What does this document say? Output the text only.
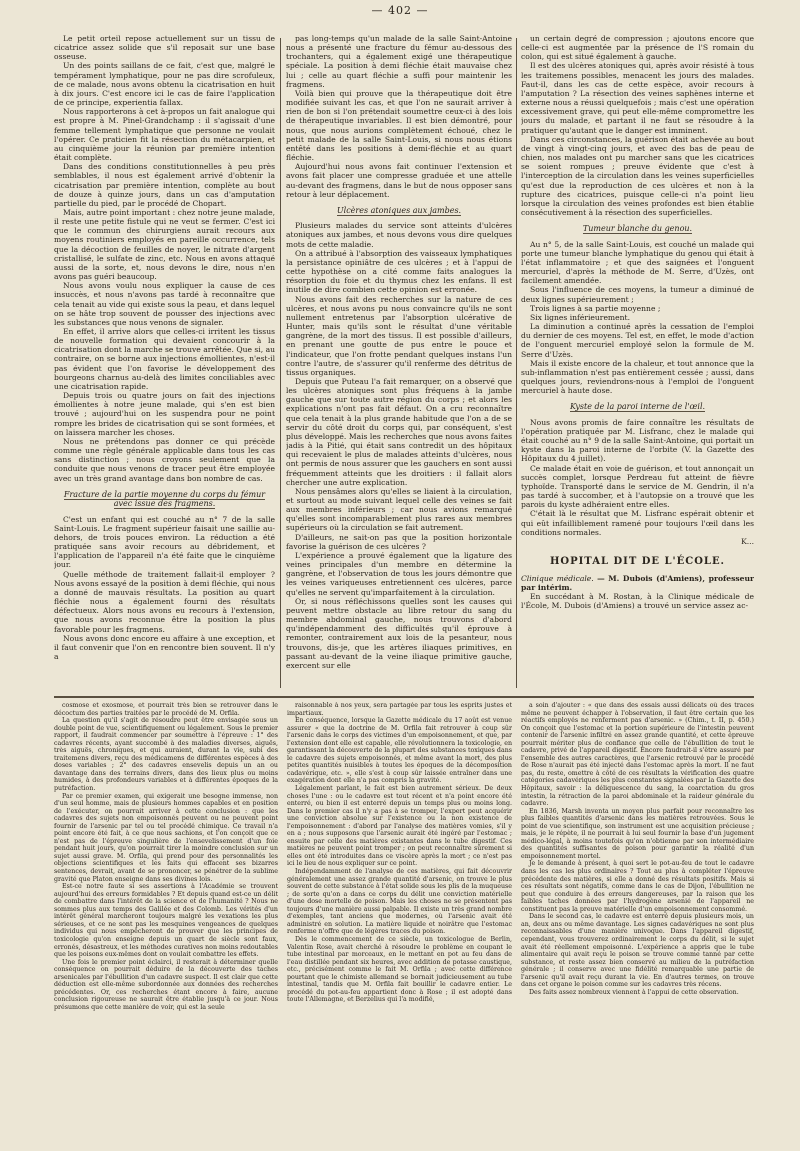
— 402 —

Le petit orteil repose actuellement sur un tissu de cicatrice assez solide que s'il reposait sur une base osseuse.

Un des points saillans de ce fait, c'est que, malgré le tempérament lymphatique, pour ne pas dire scrofuleux, de ce malade, nous avons obtenu la cicatrisation en huit à dix jours. C'est encore ici le cas de faire l'application de ce principe, experientia fallax.

Nous rapporterons à cet à-propos un fait analogue qui est propre à M. Pinel-Grandchamp : il s'agissait d'une femme tellement lymphatique que personne ne voulait l'opérer. Ce praticien fit la résection du métacarpien, et au cinquième jour la réunion par première intention était complète.

Dans des conditions constitutionnelles à peu près semblables, il nous est également arrivé d'obtenir la cicatrisation par première intention, complète au bout de douze à quinze jours, dans un cas d'amputation partielle du pied, par le procédé de Chopart.

Mais, autre point important : chez notre jeune malade, il reste une petite fistule qui ne veut se fermer. C'est ici que le commun des chirurgiens aurait recours aux moyens routiniers employés en pareille occurrence, tels que la décoction de feuilles de noyer, le nitrate d'argent cristallisé, le sulfate de zinc, etc. Nous en avons attaqué aussi de la sorte, et, nous devons le dire, nous n'en avons pas guéri beaucoup.

Nous avons voulu nous expliquer la cause de ces insuccès, et nous n'avons pas tardé à reconnaître que cela tenait au vide qui existe sous la peau, et dans lequel on se hâte trop souvent de pousser des injections avec les substances que nous venons de signaler.

En effet, il arrive alors que celles-ci irritent les tissus de nouvelle formation qui devaient concourir à la cicatrisation dont la marche se trouve arrêtée. Que si, au contraire, on se borne aux injections émollientes, n'est-il pas évident que l'on favorise le développement des bourgeons charnus au-delà des limites conciliables avec une cicatrisation rapide.

Depuis trois ou quatre jours on fait des injections émollientes à notre jeune malade, qui s'en est bien trouvé ; aujourd'hui on les suspendra pour ne point rompre les brides de cicatrisation qui se sont formées, et on laissera marcher les choses.

Nous ne prétendons pas donner ce qui précède comme une règle générale applicable dans tous les cas sans distinction ; nous croyons seulement que la conduite que nous venons de tracer peut être employée avec un très grand avantage dans bon nombre de cas.

Fracture de la partie moyenne du corps du fémur avec issue des fragmens.

C'est un enfant qui est couché au n° 7 de la salle Saint-Louis. Le fragment supérieur faisait une saillie au-dehors, de trois pouces environ. La réduction a été pratiquée sans avoir recours au débridement, et l'application de l'appareil n'a été faite que le cinquième jour.

Quelle méthode de traitement fallait-il employer ? Nous avons essayé de la position à demi fléchie, qui nous a donné de mauvais résultats. La position au quart fléchie nous a également fourni des résultats défectueux. Alors nous avons eu recours à l'extension, que nous avons reconnue être la position la plus favorable pour les fragmens.

Nous avons donc encore eu affaire à une exception, et il faut convenir que l'on en rencontre bien souvent. Il n'y a

pas long-temps qu'un malade de la salle Saint-Antoine nous a présenté une fracture du fémur au-dessous des trochanters, qui a également exigé une thérapeutique spéciale. La position à demi fléchie était mauvaise chez lui ; celle au quart fléchie a suffi pour maintenir les fragmens.

Voilà bien qui prouve que la thérapeutique doit être modifiée suivant les cas, et que l'on ne saurait arriver à rien de bon si l'on prétendait soumettre ceux-ci à des lois de thérapeutique invariables. Il est bien démontré, pour nous, que nous aurions complètement échoué, chez le petit malade de la salle Saint-Louis, si nous nous étions entêté dans les positions à demi-fléchie et au quart fléchie.

Aujourd'hui nous avons fait continuer l'extension et avons fait placer une compresse graduée et une attelle au-devant des fragmens, dans le but de nous opposer sans retour à leur déplacement.

Ulcères atoniques aux jambes.

Plusieurs malades du service sont atteints d'ulcères atoniques aux jambes, et nous devons vous dire quelques mots de cette maladie.

On a attribué à l'absorption des vaisseaux lymphatiques la persistance opiniâtre de ces ulcères ; et à l'appui de cette hypothèse on a cité comme faits analogues la résorption du foie et du thymus chez les enfans. Il est inutile de dire combien cette opinion est erronée.

Nous avons fait des recherches sur la nature de ces ulcères, et nous avons pu nous convaincre qu'ils ne sont nullement entretenus par l'absorption ulcérative de Hunter, mais qu'ils sont le résultat d'une véritable gangrène, de la mort des tissus. Il est possible d'ailleurs, en prenant une goutte de pus entre le pouce et l'indicateur, que l'on frotte pendant quelques instans l'un contre l'autre, de s'assurer qu'il renferme des détritus de tissus organiques.

Depuis que Puteau l'a fait remarquer, on a observé que les ulcères atoniques sont plus fréquens à la jambe gauche que sur toute autre région du corps ; et alors les explications n'ont pas fait défaut. On a cru reconnaître que cela tenait à la plus grande habitude que l'on a de se servir du côté droit du corps qui, par conséquent, s'est plus développé. Mais les recherches que nous avons faites jadis à la Pitié, qui était sans contredit un des hôpitaux qui recevaient le plus de malades atteints d'ulcères, nous ont permis de nous assurer que les gauchers en sont aussi fréquemment atteints que les droitiers : il fallait alors chercher une autre explication.

Nous pensâmes alors qu'elles se liaient à la circulation, et surtout au mode suivant lequel celle des veines se fait aux membres inférieurs ; car nous avions remarqué qu'elles sont incomparablement plus rares aux membres supérieurs où la circulation se fait autrement.

D'ailleurs, ne sait-on pas que la position horizontale favorise la guérison de ces ulcères ?

L'expérience a prouvé également que la ligature des veines principales d'un membre en détermine la gangrène, et l'observation de tous les jours démontre que les veines variqueuses entretiennent ces ulcères, parce qu'elles ne servent qu'imparfaitement à la circulation.

Or, si nous réfléchissons quelles sont les causes qui peuvent mettre obstacle au libre retour du sang du membre abdominal gauche, nous trouvons d'abord qu'indépendamment des difficultés qu'il éprouve à remonter, contrairement aux lois de la pesanteur, nous trouvons, dis-je, que les artères iliaques primitives, en passant au-devant de la veine iliaque primitive gauche, exercent sur elle

un certain degré de compression ; ajoutons encore que celle-ci est augmentée par la présence de l'S romain du colon, qui est situé également à gauche.

Il est des ulcères atoniques qui, après avoir résisté à tous les traitemens possibles, menacent les jours des malades. Faut-il, dans les cas de cette espèce, avoir recours à l'amputation ? La résection des veines saphènes interne et externe nous a réussi quelquefois ; mais c'est une opération excessivement grave, qui peut elle-même compromettre les jours du malade, et partant il ne faut se résoudre à la pratiquer qu'autant que le danger est imminent.

Dans ces circonstances, la guérison était achevée au bout de vingt à vingt-cinq jours, et avec des bas de peau de chien, nos malades ont pu marcher sans que les cicatrices se soient rompues ; preuve évidente que c'est à l'interception de la circulation dans les veines superficielles qu'est due la reproduction de ces ulcères et non à la rupture des cicatrices, puisque celle-ci n'a point lieu lorsque la circulation des veines profondes est bien établie consécutivement à la résection des superficielles.

Tumeur blanche du genou.

Au n° 5, de la salle Saint-Louis, est couché un malade qui porte une tumeur blanche lymphatique du genou qui était à l'état inflammatoire ; et que des saignées et l'onguent mercuriel, d'après la méthode de M. Serre, d'Uzès, ont facilement amendée.

Sous l'influence de ces moyens, la tumeur a diminué de deux lignes supérieurement ;

Trois lignes à sa partie moyenne ;

Six lignes inférieurement.

La diminution a continué après la cessation de l'emploi du dernier de ces moyens. Tel est, en effet, le mode d'action de l'onguent mercuriel employé selon la formule de M. Serre d'Uzès.

Mais il existe encore de la chaleur, et tout annonce que la sub-inflammation n'est pas entièrement cessée ; aussi, dans quelques jours, reviendrons-nous à l'emploi de l'onguent mercuriel à haute dose.

Kyste de la paroi interne de l'œil.

Nous avons promis de faire connaître les résultats de l'opération pratiquée par M. Lisfranc, chez le malade qui était couché au n° 9 de la salle Saint-Antoine, qui portait un kyste dans la paroi interne de l'orbite (V. la Gazette des Hôpitaux du 4 juillet).

Ce malade était en voie de guérison, et tout annonçait un succès complet, lorsque Perdreau fut atteint de fièvre typhoïde. Transporté dans le service de M. Gendrin, il n'a pas tardé à succomber, et à l'autopsie on a trouvé que les parois du kyste adhéraient entre elles.

C'était là le résultat que M. Lisfranc espérait obtenir et qui eût infailliblement ramené pour toujours l'œil dans les conditions normales.

K...

HOPITAL DIT DE L'ÉCOLE.

Clinique médicale. — M. Dubois (d'Amiens), professeur par intérim.

En succédant à M. Rostan, à la Clinique médicale de l'École, M. Dubois (d'Amiens) a trouvé un service assez ac-

cosmose et exosmose, et pourrait très bien se retrouver dans le décoctum des parties traitées par le procédé de M. Orfila.

La question qu'il s'agit de résoudre peut être envisagée sous un double point de vue, scientifiquement ou légalement. Sous le premier rapport, il faudrait commencer par soumettre à l'épreuve : 1° des cadavres récents, ayant succombé à des maladies diverses, aiguës, très aiguës, chroniques, et qui auraient, durant la vie, subi des traitemens divers, reçu des médicamens de différentes espèces à des doses variables ; 2° des cadavres ensevelis depuis un an ou davantage dans des terrains divers, dans des lieux plus ou moins humides, à des profondeurs variables et à différentes époques de la putréfaction.

Par ce premier examen, qui exigerait une besogne immense, non d'un seul homme, mais de plusieurs hommes capables et en position de l'exécuter, on pourrait arriver à cette conclusion : que les cadavres des sujets non empoisonnés peuvent ou ne peuvent point fournir de l'arsenic par tel ou tel procédé chimique. Ce travail n'a point encore été fait, à ce que nous sachions, et l'on conçoit que ce n'est pas de l'épreuve singulière de l'ensevelissement d'un foie pendant huit jours, qu'on pourrait tirer la moindre conclusion sur un sujet aussi grave. M. Orfila, qui prend pour des personnalités les objections scientifiques et les faits qui effacent ses bizarres sentences, devrait, avant de se prononcer, se pénétrer de la sublime gravité que Platon enseigne dans ses divines lois.

Est-ce notre faute si ses assertions à l'Académie se trouvent aujourd'hui des erreurs formidables ? Et depuis quand est-ce un délit de combattre dans l'intérêt de la science et de l'humanité ? Nous ne sommes plus aux temps des Galilée et des Colomb. Les vérités d'un intérêt général marcheront toujours malgré les vexations les plus sérieuses, et ce ne sont pas les mesquines vengeances de quelques individus qui nous empêcheront de prouver que les principes de toxicologie qu'on enseigne depuis un quart de siècle sont faux, erronés, désastreux, et les méthodes curatives non moins redoutables que les poisons eux-mêmes dont on voulait combattre les effets.

Une fois le premier point éclairci, il resterait à déterminer quelle conséquence on pourrait déduire de la découverte des taches arsenicales par l'ébullition d'un cadavre suspect. Il est clair que cette déduction est elle-même subordonnée aux données des recherches précédentes. Or, ces recherches étant encore à faire, aucune conclusion rigoureuse ne saurait être établie jusqu'à ce jour. Nous présumons que cette manière de voir, qui est la seule

raisonnable à nos yeux, sera partagée par tous les esprits justes et impartiaux.

En conséquence, lorsque la Gazette médicale du 17 août est venue assurer « que la doctrine de M. Orfila fait retrouver à coup sûr l'arsenic dans le corps des victimes d'un empoisonnement, et que, par l'extension dont elle est capable, elle révolutionnera la toxicologie, en garantissant la découverte de la plupart des substances toxiques dans le cadavre des sujets empoisonnés, et même avant la mort, des plus petites quantités nuisibles à toutes les époques de la décomposition cadavérique, etc. », elle s'est à coup sûr laissée entraîner dans une exagération dont elle n'a pas compris la gravité.

Légalement parlant, le fait est bien autrement sérieux. De deux choses l'une : ou le cadavre est tout récent et n'a point encore été enterré, ou bien il est enterré depuis un temps plus ou moins long. Dans le premier cas il n'y a pas à se tromper, l'expert peut acquérir une conviction absolue sur l'existence ou la non existence de l'empoisonnement : d'abord par l'analyse des matières vomies, s'il y en a ; nous supposons que l'arsenic aurait été ingéré par l'estomac ; ensuite par celle des matières existantes dans le tube digestif. Ces matières ne peuvent point tromper ; on peut reconnaître sûrement si elles ont été introduites dans ce viscère après la mort ; ce n'est pas ici le lieu de nous expliquer sur ce point.

Indépendamment de l'analyse de ces matières, qui fait découvrir généralement une assez grande quantité d'arsenic, on trouve le plus souvent de cette substance à l'état solide sous les plis de la muqueuse ; de sorte qu'on a dans ce corps du délit une conviction matérielle d'une dose mortelle de poison. Mais les choses ne se présentent pas toujours d'une manière aussi palpable. Il existe un très grand nombre d'exemples, tant anciens que modernes, où l'arsenic avait été administré en solution. La matière liquide et noirâtre que l'estomac renferme n'offre que de légères traces du poison.

Dès le commencement de ce siècle, un toxicologue de Berlin, Valentin Rose, avait cherché à résoudre le problème en coupant le tube intestinal par morceaux, en le mettant en pot au feu dans de l'eau distillée pendant six heures, avec addition de potasse caustique, etc., précisément comme le fait M. Orfila ; avec cette différence pourtant que le chimiste allemand se bornait judicieusement au tube intestinal, tandis que M. Orfila fait bouillir le cadavre entier. Le procédé du pot-au-feu appartient donc à Rose ; il est adopté dans toute l'Allemagne, et Berzelius qui l'a modifié,

a soin d'ajouter : « que dans des essais aussi délicats où des traces même ne peuvent échapper à l'observation, il faut être certain que les réactifs employés ne renferment pas d'arsenic. » (Chim., t. II, p. 450.) On conçoit que l'estomac et la portion supérieure de l'intestin peuvent contenir de l'arsenic infiltré en assez grande quantité, et cette épreuve pourrait mériter plus de confiance que celle de l'ébullition de tout le cadavre, privé de l'appareil digestif. Encore faudrait-il s'être assuré par l'ensemble des autres caractères, que l'arsenic retrouvé par le procédé de Rose n'aurait pas été injecté dans l'estomac après la mort. Il ne faut pas, du reste, omettre à côté de ces résultats la vérification des quatre catégories cadavériques les plus constantes signalées par la Gazette des Hôpitaux, savoir : la déliquescence du sang, la coarctation du gros intestin, la rétraction de la paroi abdominale et la raideur générale du cadavre.

En 1836, Marsh inventa un moyen plus parfait pour reconnaître les plus faibles quantités d'arsenic dans les matières retrouvées. Sous le point de vue scientifique, son instrument est une acquisition précieuse ; mais, je le répète, il ne pourrait à lui seul fournir la base d'un jugement médico-légal, à moins toutefois qu'on n'obtienne par son intermédiaire des quantités suffisantes de poison pour garantir la réalité d'un empoisonnement mortel.

Je le demande à présent, à quoi sert le pot-au-feu de tout le cadavre dans les cas les plus ordinaires ? Tout au plus à compléter l'épreuve précédente des matières, si elle a donné des résultats positifs. Mais si ces résultats sont négatifs, comme dans le cas de Dijon, l'ébullition ne peut que conduire à des erreurs dangereuses, par la raison que les faibles taches données par l'hydrogène arsenié de l'appareil ne constituent pas la preuve matérielle d'un empoisonnement consommé.

Dans le second cas, le cadavre est enterré depuis plusieurs mois, un an, deux ans ou même davantage. Les signes cadavériques ne sont plus reconnaissables d'une manière univoque. Dans l'appareil digestif, cependant, vous trouverez ordinairement le corps du délit, si le sujet avait été réellement empoisonné. L'expérience a appris que le tube alimentaire qui avait reçu le poison se trouve comme tanné par cette substance, et reste assez bien conservé au milieu de la putréfaction générale ; il conserve avec une fidélité remarquable une partie de l'arsenic qu'il avait reçu durant la vie. En d'autres termes, on trouve dans cet organe le poison comme sur les cadavres très récens.

Des faits assez nombreux viennent à l'appui de cette observation.
